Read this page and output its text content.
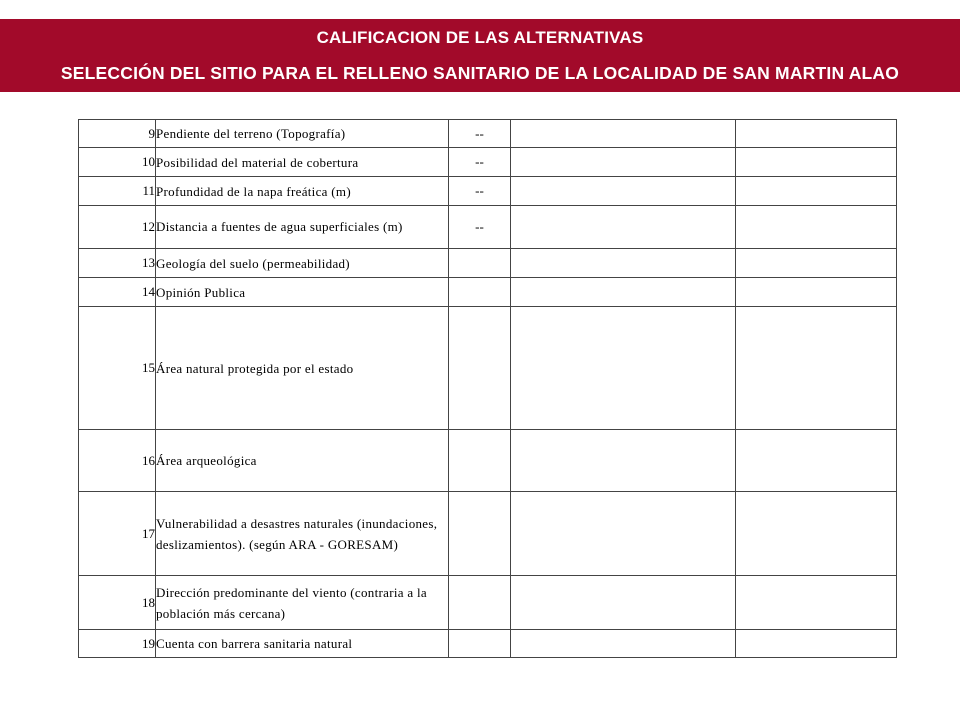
CALIFICACION DE LAS ALTERNATIVAS
SELECCIÓN DEL SITIO PARA EL RELLENO SANITARIO DE LA LOCALIDAD DE SAN MARTIN ALAO
9	Pendiente del terreno (Topografía)	--		
10	Posibilidad del material de cobertura	--		
11	Profundidad de la napa freática (m)	--		
12	Distancia a fuentes de agua superficiales (m)	--		
13	Geología del suelo (permeabilidad)			
14	Opinión Publica			
15	Área natural protegida por el estado			
16	Área arqueológica			
17	Vulnerabilidad a desastres naturales (inundaciones, deslizamientos). (según ARA - GORESAM)			
18	Dirección predominante del viento (contraria a la población más cercana)			
19	Cuenta con barrera sanitaria natural			
